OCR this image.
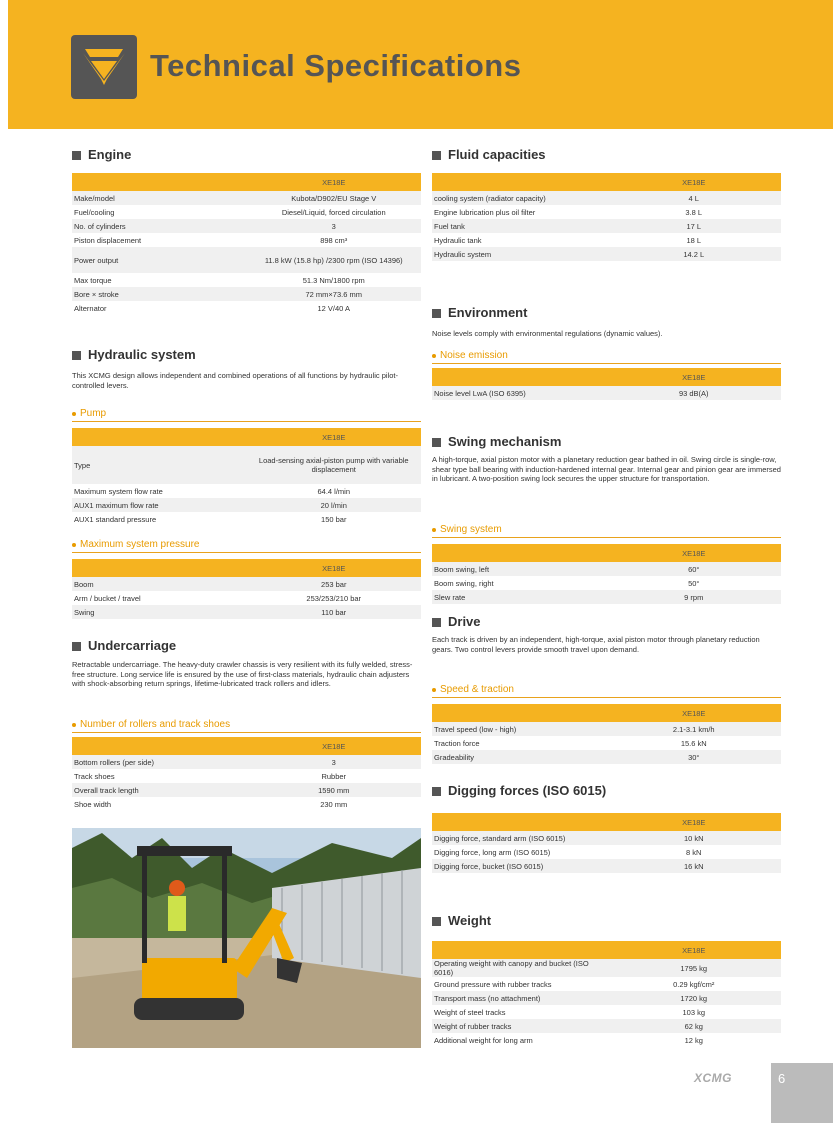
Technical Specifications
Engine
	XE18E
Make/model	Kubota/D902/EU Stage V
Fuel/cooling	Diesel/Liquid, forced circulation
No. of cylinders	3
Piston displacement	898 cm³
Power output	11.8 kW (15.8 hp) /2300 rpm (ISO 14396)
Max torque	51.3 Nm/1800 rpm
Bore × stroke	72 mm×73.6 mm
Alternator	12 V/40 A
Hydraulic system
This XCMG design allows independent and combined operations of all functions by hydraulic pilot-controlled levers.
Pump
	XE18E
Type	Load-sensing axial-piston pump with variable displacement
Maximum system flow rate	64.4 l/min
AUX1 maximum flow rate	20 l/min
AUX1 standard pressure	150 bar
Maximum system pressure
	XE18E
Boom	253 bar
Arm / bucket / travel	253/253/210 bar
Swing	110 bar
Undercarriage
Retractable undercarriage. The heavy-duty crawler chassis is very resilient with its fully welded, stress-free structure. Long service life is ensured by the use of first-class materials, hydraulic chain adjusters with shock-absorbing return springs, lifetime-lubricated track rollers and idlers.
Number of rollers and track shoes
	XE18E
Bottom rollers (per side)	3
Track shoes	Rubber
Overall track length	1590 mm
Shoe width	230 mm
Fluid capacities
	XE18E
cooling system (radiator capacity)	4 L
Engine lubrication plus oil filter	3.8 L
Fuel tank	17 L
Hydraulic tank	18 L
Hydraulic system	14.2 L
Environment
Noise levels comply with environmental regulations (dynamic values).
Noise emission
	XE18E
Noise level LwA (ISO 6395)	93 dB(A)
Swing mechanism
A high-torque, axial piston motor with a planetary reduction gear bathed in oil. Swing circle is single-row, shear type ball bearing with induction-hardened internal gear. Internal gear and pinion gear are immersed in lubricant. A two-position swing lock secures the upper structure for transportation.
Swing system
	XE18E
Boom swing, left	60°
Boom swing, right	50°
Slew rate	9 rpm
Drive
Each track is driven by an independent, high-torque, axial piston motor through planetary reduction gears. Two control levers provide smooth travel upon demand.
Speed & traction
	XE18E
Travel speed (low - high)	2.1-3.1 km/h
Traction force	15.6 kN
Gradeability	30°
Digging forces (ISO 6015)
	XE18E
Digging force, standard arm (ISO 6015)	10 kN
Digging force, long arm (ISO 6015)	8 kN
Digging force, bucket (ISO 6015)	16 kN
Weight
	XE18E
Operating weight with canopy and bucket (ISO 6016)	1795 kg
Ground pressure with rubber tracks	0.29 kgf/cm²
Transport mass (no attachment)	1720 kg
Weight of steel tracks	103 kg
Weight of rubber tracks	62 kg
Additional weight for long arm	12 kg
XCMG	6
